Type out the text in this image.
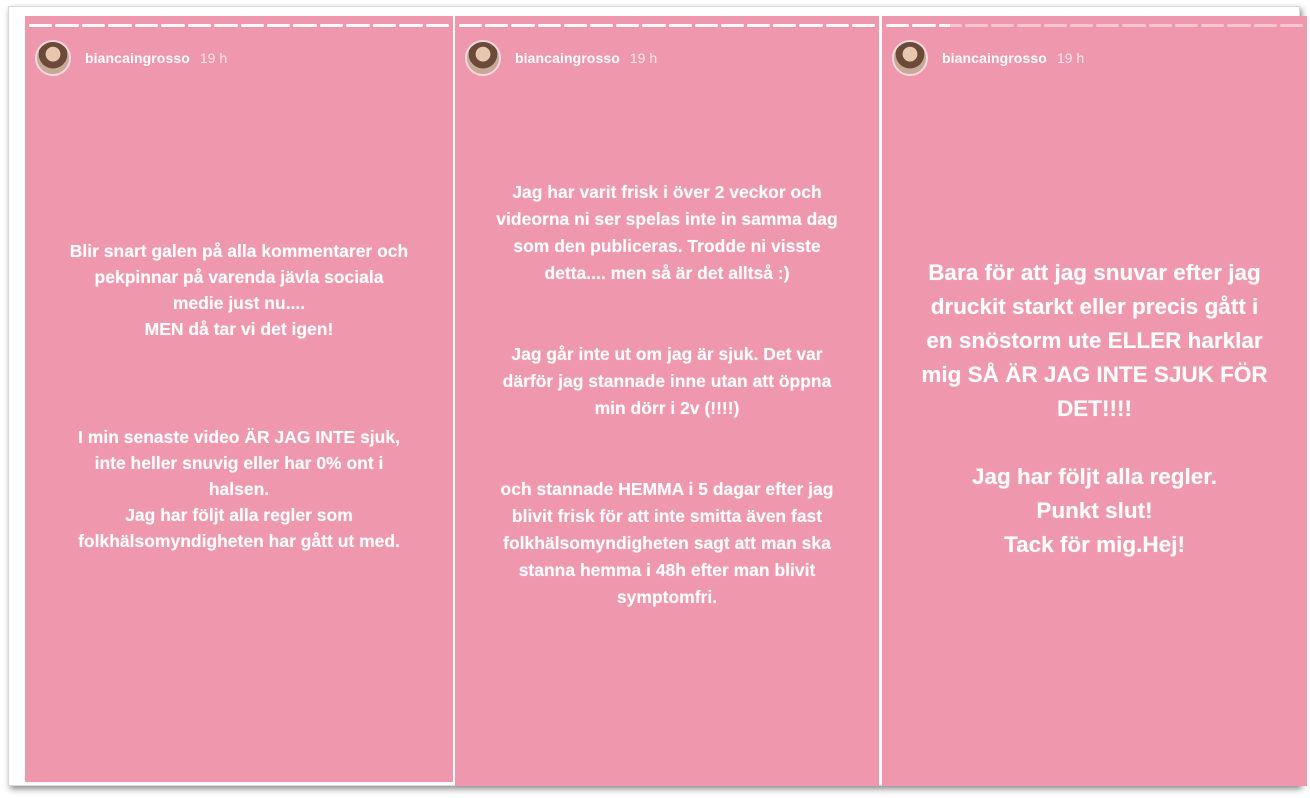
biancaingrosso 19 h
Blir snart galen på alla kommentarer och
pekpinnar på varenda jävla sociala
medie just nu....
MEN då tar vi det igen!
I min senaste video ÄR JAG INTE sjuk,
inte heller snuvig eller har 0% ont i
halsen.
Jag har följt alla regler som
folkhälsomyndigheten har gått ut med.
biancaingrosso 19 h
Jag har varit frisk i över 2 veckor och
videorna ni ser spelas inte in samma dag
som den publiceras. Trodde ni visste
detta.... men så är det alltså :)
Jag går inte ut om jag är sjuk. Det var
därför jag stannade inne utan att öppna
min dörr i 2v (!!!!)
och stannade HEMMA i 5 dagar efter jag
blivit frisk för att inte smitta även fast
folkhälsomyndigheten sagt att man ska
stanna hemma i 48h efter man blivit
symptomfri.
biancaingrosso 19 h
Bara för att jag snuvar efter jag
druckit starkt eller precis gått i
en snöstorm ute ELLER harklar
mig SÅ ÄR JAG INTE SJUK FÖR
DET!!!!
Jag har följt alla regler.
Punkt slut!
Tack för mig.Hej!
